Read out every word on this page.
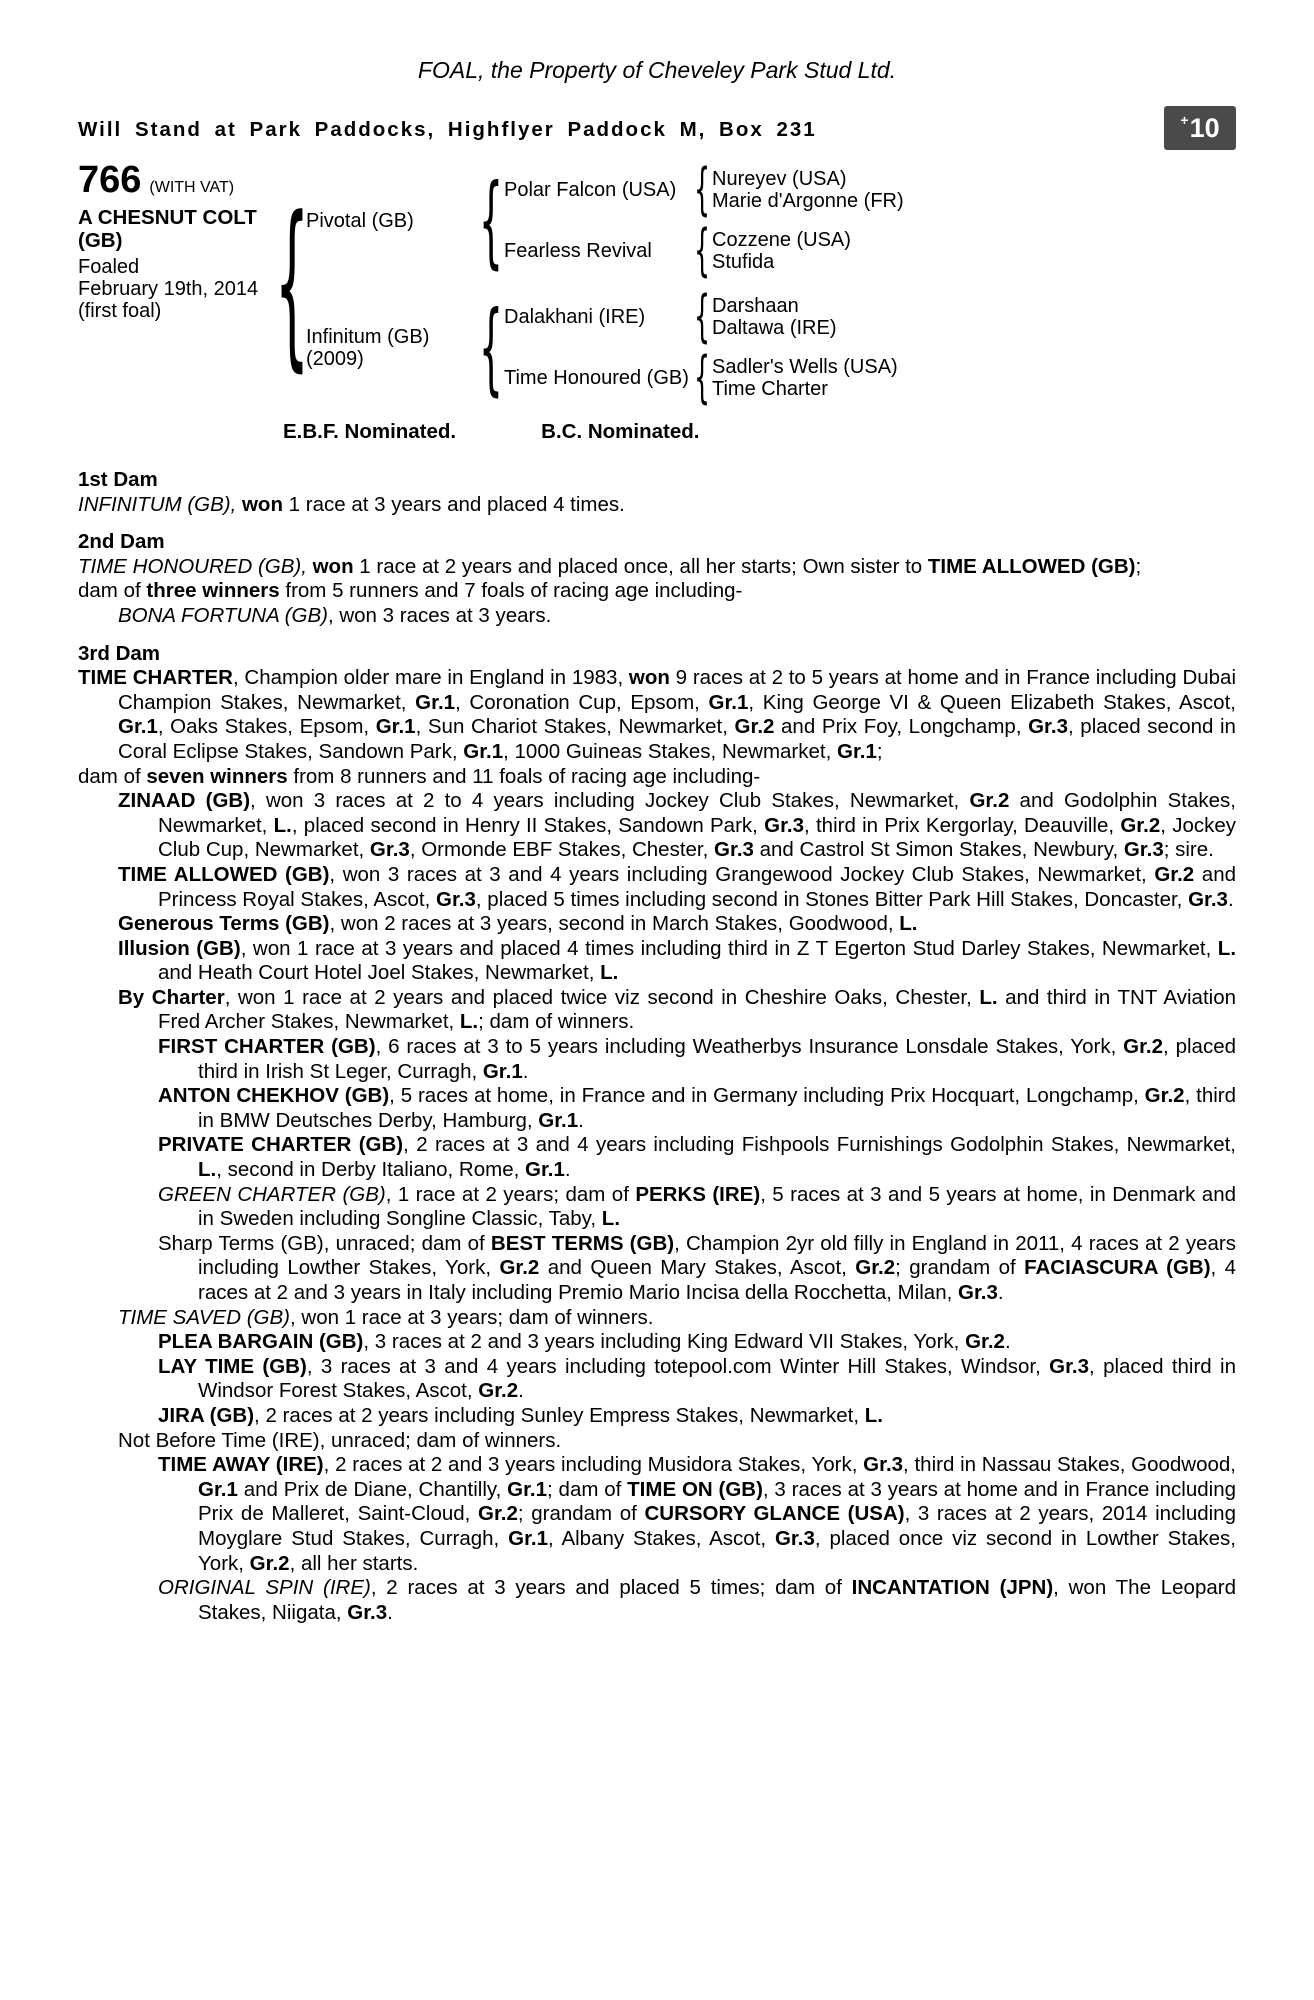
FOAL, the Property of Cheveley Park Stud Ltd.
Will Stand at Park Paddocks, Highflyer Paddock M, Box 231	+ 10
766 (WITH VAT)
A CHESNUT COLT
(GB)
Foaled
February 19th, 2014
(first foal) {
Pivotal (GB) { Polar Falcon (USA) { Nureyev (USA)
Marie d'Argonne (FR)
Fearless Revival { Cozzene (USA)
Stufida
Infinitum (GB)
(2009)	{ Dalakhani (IRE) { Darshaan
Daltawa (IRE)
Time Honoured (GB) { Sadler's Wells (USA)
Time Charter
E.B.F. Nominated.	B.C. Nominated.
1st Dam
INFINITUM (GB), won 1 race at 3 years and placed 4 times.
2nd Dam
TIME HONOURED (GB), won 1 race at 2 years and placed once, all her starts; Own sister to TIME ALLOWED (GB);
dam of three winners from 5 runners and 7 foals of racing age including-
BONA FORTUNA (GB), won 3 races at 3 years.
3rd Dam
TIME CHARTER, Champion older mare in England in 1983, won 9 races at 2 to 5 years at home and in France including Dubai Champion Stakes, Newmarket, Gr.1, Coronation Cup, Epsom, Gr.1, King George VI & Queen Elizabeth Stakes, Ascot, Gr.1, Oaks Stakes, Epsom, Gr.1, Sun Chariot Stakes, Newmarket, Gr.2 and Prix Foy, Longchamp, Gr.3, placed second in Coral Eclipse Stakes, Sandown Park, Gr.1, 1000 Guineas Stakes, Newmarket, Gr.1;
dam of seven winners from 8 runners and 11 foals of racing age including-
ZINAAD (GB), won 3 races at 2 to 4 years including Jockey Club Stakes, Newmarket, Gr.2 and Godolphin Stakes, Newmarket, L., placed second in Henry II Stakes, Sandown Park, Gr.3, third in Prix Kergorlay, Deauville, Gr.2, Jockey Club Cup, Newmarket, Gr.3, Ormonde EBF Stakes, Chester, Gr.3 and Castrol St Simon Stakes, Newbury, Gr.3; sire.
TIME ALLOWED (GB), won 3 races at 3 and 4 years including Grangewood Jockey Club Stakes, Newmarket, Gr.2 and Princess Royal Stakes, Ascot, Gr.3, placed 5 times including second in Stones Bitter Park Hill Stakes, Doncaster, Gr.3.
Generous Terms (GB), won 2 races at 3 years, second in March Stakes, Goodwood, L.
Illusion (GB), won 1 race at 3 years and placed 4 times including third in Z T Egerton Stud Darley Stakes, Newmarket, L. and Heath Court Hotel Joel Stakes, Newmarket, L.
By Charter, won 1 race at 2 years and placed twice viz second in Cheshire Oaks, Chester, L. and third in TNT Aviation Fred Archer Stakes, Newmarket, L.; dam of winners.
FIRST CHARTER (GB), 6 races at 3 to 5 years including Weatherbys Insurance Lonsdale Stakes, York, Gr.2, placed third in Irish St Leger, Curragh, Gr.1.
ANTON CHEKHOV (GB), 5 races at home, in France and in Germany including Prix Hocquart, Longchamp, Gr.2, third in BMW Deutsches Derby, Hamburg, Gr.1.
PRIVATE CHARTER (GB), 2 races at 3 and 4 years including Fishpools Furnishings Godolphin Stakes, Newmarket, L., second in Derby Italiano, Rome, Gr.1.
GREEN CHARTER (GB), 1 race at 2 years; dam of PERKS (IRE), 5 races at 3 and 5 years at home, in Denmark and in Sweden including Songline Classic, Taby, L.
Sharp Terms (GB), unraced; dam of BEST TERMS (GB), Champion 2yr old filly in England in 2011, 4 races at 2 years including Lowther Stakes, York, Gr.2 and Queen Mary Stakes, Ascot, Gr.2; grandam of FACIASCURA (GB), 4 races at 2 and 3 years in Italy including Premio Mario Incisa della Rocchetta, Milan, Gr.3.
TIME SAVED (GB), won 1 race at 3 years; dam of winners.
PLEA BARGAIN (GB), 3 races at 2 and 3 years including King Edward VII Stakes, York, Gr.2.
LAY TIME (GB), 3 races at 3 and 4 years including totepool.com Winter Hill Stakes, Windsor, Gr.3, placed third in Windsor Forest Stakes, Ascot, Gr.2.
JIRA (GB), 2 races at 2 years including Sunley Empress Stakes, Newmarket, L.
Not Before Time (IRE), unraced; dam of winners.
TIME AWAY (IRE), 2 races at 2 and 3 years including Musidora Stakes, York, Gr.3, third in Nassau Stakes, Goodwood, Gr.1 and Prix de Diane, Chantilly, Gr.1; dam of TIME ON (GB), 3 races at 3 years at home and in France including Prix de Malleret, Saint-Cloud, Gr.2; grandam of CURSORY GLANCE (USA), 3 races at 2 years, 2014 including Moyglare Stud Stakes, Curragh, Gr.1, Albany Stakes, Ascot, Gr.3, placed once viz second in Lowther Stakes, York, Gr.2, all her starts.
ORIGINAL SPIN (IRE), 2 races at 3 years and placed 5 times; dam of INCANTATION (JPN), won The Leopard Stakes, Niigata, Gr.3.
